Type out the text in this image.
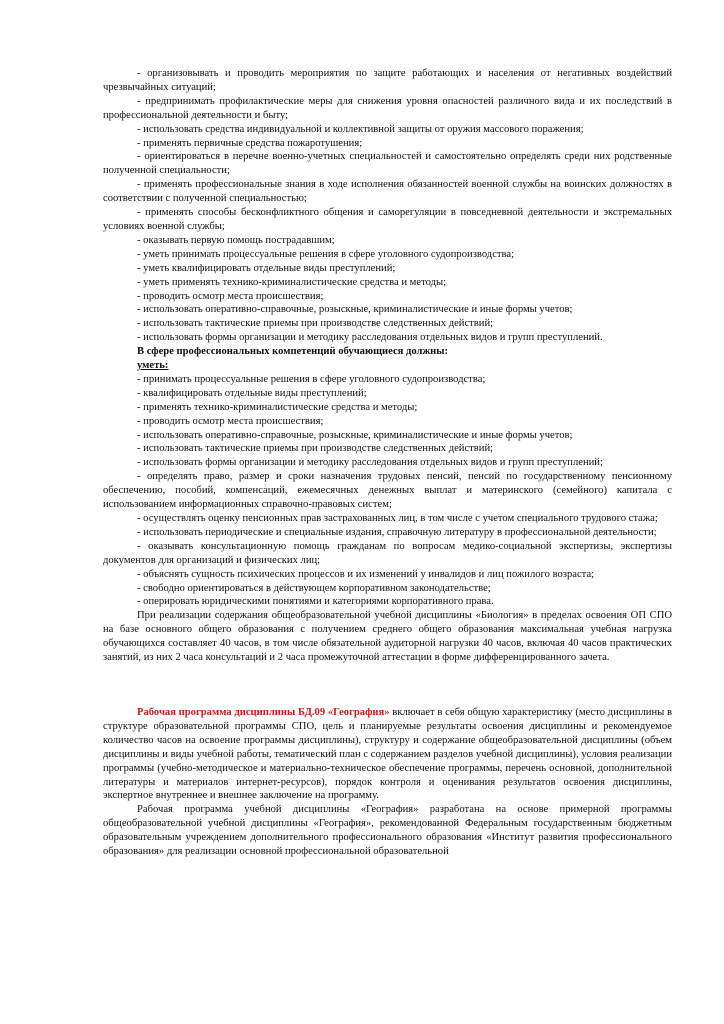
- организовывать и проводить мероприятия по защите работающих и населения от негативных воздействий чрезвычайных ситуаций;

- предпринимать профилактические меры для снижения уровня опасностей различного вида и их последствий в профессиональной деятельности и быту;

- использовать средства индивидуальной и коллективной защиты от оружия массового поражения;

- применять первичные средства пожаротушения;

- ориентироваться в перечне военно-учетных специальностей и самостоятельно определять среди них родственные полученной специальности;

- применять профессиональные знания в ходе исполнения обязанностей военной службы на воинских должностях в соответствии с полученной специальностью;

- применять способы бесконфликтного общения и саморегуляции в повседневной деятельности и экстремальных условиях военной службы;

- оказывать первую помощь пострадавшим;

- уметь принимать процессуальные решения в сфере уголовного судопроизводства;

- уметь квалифицировать отдельные виды преступлений;

- уметь применять технико-криминалистические средства и методы;

- проводить осмотр места происшествия;

- использовать оперативно-справочные, розыскные, криминалистические и иные формы учетов;

- использовать тактические приемы при производстве следственных действий;

- использовать формы организации и методику расследования отдельных видов и групп преступлений.

В сфере профессиональных компетенций обучающиеся должны:

уметь:

- принимать процессуальные решения в сфере уголовного судопроизводства;

- квалифицировать отдельные виды преступлений;

- применять технико-криминалистические средства и методы;

- проводить осмотр места происшествия;

- использовать оперативно-справочные, розыскные, криминалистические и иные формы учетов;

- использовать тактические приемы при производстве следственных действий;

- использовать формы организации и методику расследования отдельных видов и групп преступлений;

- определять право, размер и сроки назначения трудовых пенсий, пенсий по государственному пенсионному обеспечению, пособий, компенсаций, ежемесячных денежных выплат и материнского (семейного) капитала с использованием информационных справочно-правовых систем;

- осуществлять оценку пенсионных прав застрахованных лиц, в том числе с учетом специального трудового стажа;

- использовать периодические и специальные издания, справочную литературу в профессиональной деятельности;

- оказывать консультационную помощь гражданам по вопросам медико-социальной экспертизы, экспертизы документов для организаций и физических лиц;

- объяснять сущность психических процессов и их изменений у инвалидов и лиц пожилого возраста;

- свободно ориентироваться в действующем корпоративном законодательстве;

- оперировать юридическими понятиями и категориями корпоративного права.

При реализации содержания общеобразовательной учебной дисциплины «Биология» в пределах освоения ОП СПО на базе основного общего образования с получением среднего общего образования максимальная учебная нагрузка обучающихся составляет 40 часов, в том числе обязательной аудиторной нагрузки 40 часов, включая 40 часов практических занятий, из них 2 часа консультаций и 2 часа промежуточной аттестации в форме дифференцированного зачета.

Рабочая программа дисциплины БД.09 «География» включает в себя общую характеристику (место дисциплины в структуре образовательной программы СПО, цель и планируемые результаты освоения дисциплины и рекомендуемое количество часов на освоение программы дисциплины), структуру и содержание общеобразовательной дисциплины (объем дисциплины и виды учебной работы, тематический план с содержанием разделов учебной дисциплины), условия реализации программы (учебно-методическое и материально-техническое обеспечение программы, перечень основной, дополнительной литературы и материалов интернет-ресурсов), порядок контроля и оценивания результатов освоения дисциплины, экспертное внутреннее и внешнее заключение на программу.

Рабочая программа учебной дисциплины «География» разработана на основе примерной программы общеобразовательной учебной дисциплины «География», рекомендованной Федеральным государственным бюджетным образовательным учреждением дополнительного профессионального образования «Институт развития профессионального образования» для реализации основной профессиональной образовательной
